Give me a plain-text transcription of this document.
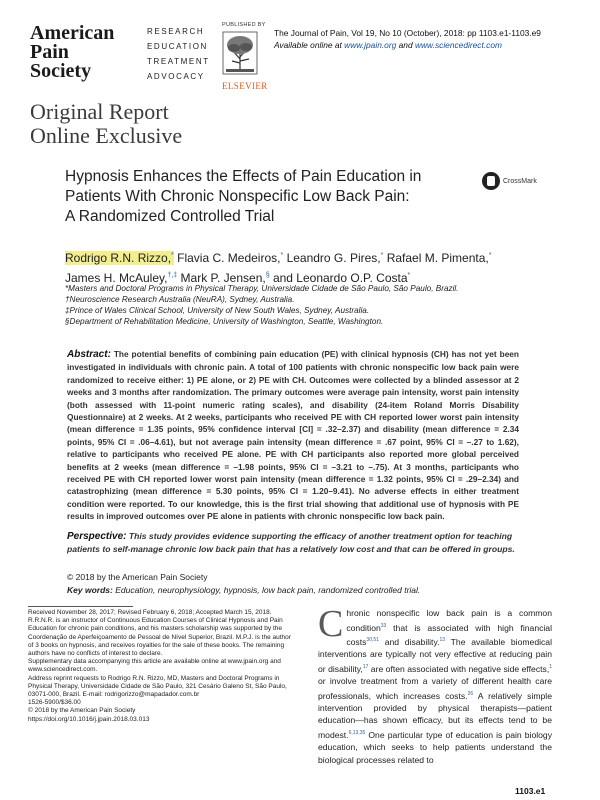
American
Pain
Society
RESEARCH
EDUCATION
TREATMENT
ADVOCACY
PUBLISHED BY
ELSEVIER
The Journal of Pain, Vol 19, No 10 (October), 2018: pp 1103.e1-1103.e9
Available online at www.jpain.org and www.sciencedirect.com
Original Report
Online Exclusive
Hypnosis Enhances the Effects of Pain Education in
Patients With Chronic Nonspecific Low Back Pain:
A Randomized Controlled Trial
CrossMark
Rodrigo R.N. Rizzo,* Flavia C. Medeiros,* Leandro G. Pires,* Rafael M. Pimenta,*
James H. McAuley,†,‡ Mark P. Jensen,§ and Leonardo O.P. Costa*
*Masters and Doctoral Programs in Physical Therapy, Universidade Cidade de São Paulo, São Paulo, Brazil.
†Neuroscience Research Australia (NeuRA), Sydney, Australia.
‡Prince of Wales Clinical School, University of New South Wales, Sydney, Australia.
§Department of Rehabilitation Medicine, University of Washington, Seattle, Washington.
Abstract: The potential benefits of combining pain education (PE) with clinical hypnosis (CH) has not yet been investigated in individuals with chronic pain. A total of 100 patients with chronic nonspecific low back pain were randomized to receive either: 1) PE alone, or 2) PE with CH. Outcomes were collected by a blinded assessor at 2 weeks and 3 months after randomization. The primary outcomes were average pain intensity, worst pain intensity (both assessed with 11-point numeric rating scales), and disability (24-item Roland Morris Disability Questionnaire) at 2 weeks. At 2 weeks, participants who received PE with CH reported lower worst pain intensity (mean difference = 1.35 points, 95% confidence interval [CI] = .32–2.37) and disability (mean difference = 2.34 points, 95% CI = .06–4.61), but not average pain intensity (mean difference = .67 point, 95% CI = –.27 to 1.62), relative to participants who received PE alone. PE with CH participants also reported more global perceived benefits at 2 weeks (mean difference = –1.98 points, 95% CI = –3.21 to –.75). At 3 months, participants who received PE with CH reported lower worst pain intensity (mean difference = 1.32 points, 95% CI = .29–2.34) and catastrophizing (mean difference = 5.30 points, 95% CI = 1.20–9.41). No adverse effects in either treatment condition were reported. To our knowledge, this is the first trial showing that additional use of hypnosis with PE results in improved outcomes over PE alone in patients with chronic nonspecific low back pain.
Perspective: This study provides evidence supporting the efficacy of another treatment option for teaching patients to self-manage chronic low back pain that has a relatively low cost and that can be offered in groups.
© 2018 by the American Pain Society
Key words: Education, neurophysiology, hypnosis, low back pain, randomized controlled trial.

Received November 28, 2017; Revised February 6, 2018; Accepted March 15, 2018.

R.R.N.R. is an instructor of Continuous Education Courses of Clinical Hypnosis and Pain Education for chronic pain conditions, and his masters scholarship was supported by the Coordenação de Aperfeiçoamento de Pessoal de Nível Superior, Brazil. M.P.J. is the author of 3 books on hypnosis, and receives royalties for the sale of these books. The remaining authors have no conflicts of interest to declare.

Supplementary data accompanying this article are available online at www.jpain.org and www.sciencedirect.com.

Address reprint requests to Rodrigo R.N. Rizzo, MD, Masters and Doctoral Programs in Physical Therapy, Universidade Cidade de São Paulo, 321 Cesário Galeno St, São Paulo, 03071-000, Brazil. E-mail: rodrigorizzo@mapadador.com.br

1526-5900/$36.00

© 2018 by the American Pain Society

https://doi.org/10.1016/j.jpain.2018.03.013

Chronic nonspecific low back pain is a common condition$^{33}$ that is associated with high financial costs$^{30,51}$ and disability.$^{13}$ The available biomedical interventions are typically not very effective at reducing pain or disability,$^{17}$ are often associated with negative side effects,$^1$ or involve treatment from a variety of different health care professionals, which increases costs.$^{26}$ A relatively simple intervention provided by physical therapists—patient education—has shown efficacy, but its effects tend to be modest.$^{6,13,35}$ One particular type of education is pain biology education, which seeks to help patients understand the biological processes related to
1103.e1
